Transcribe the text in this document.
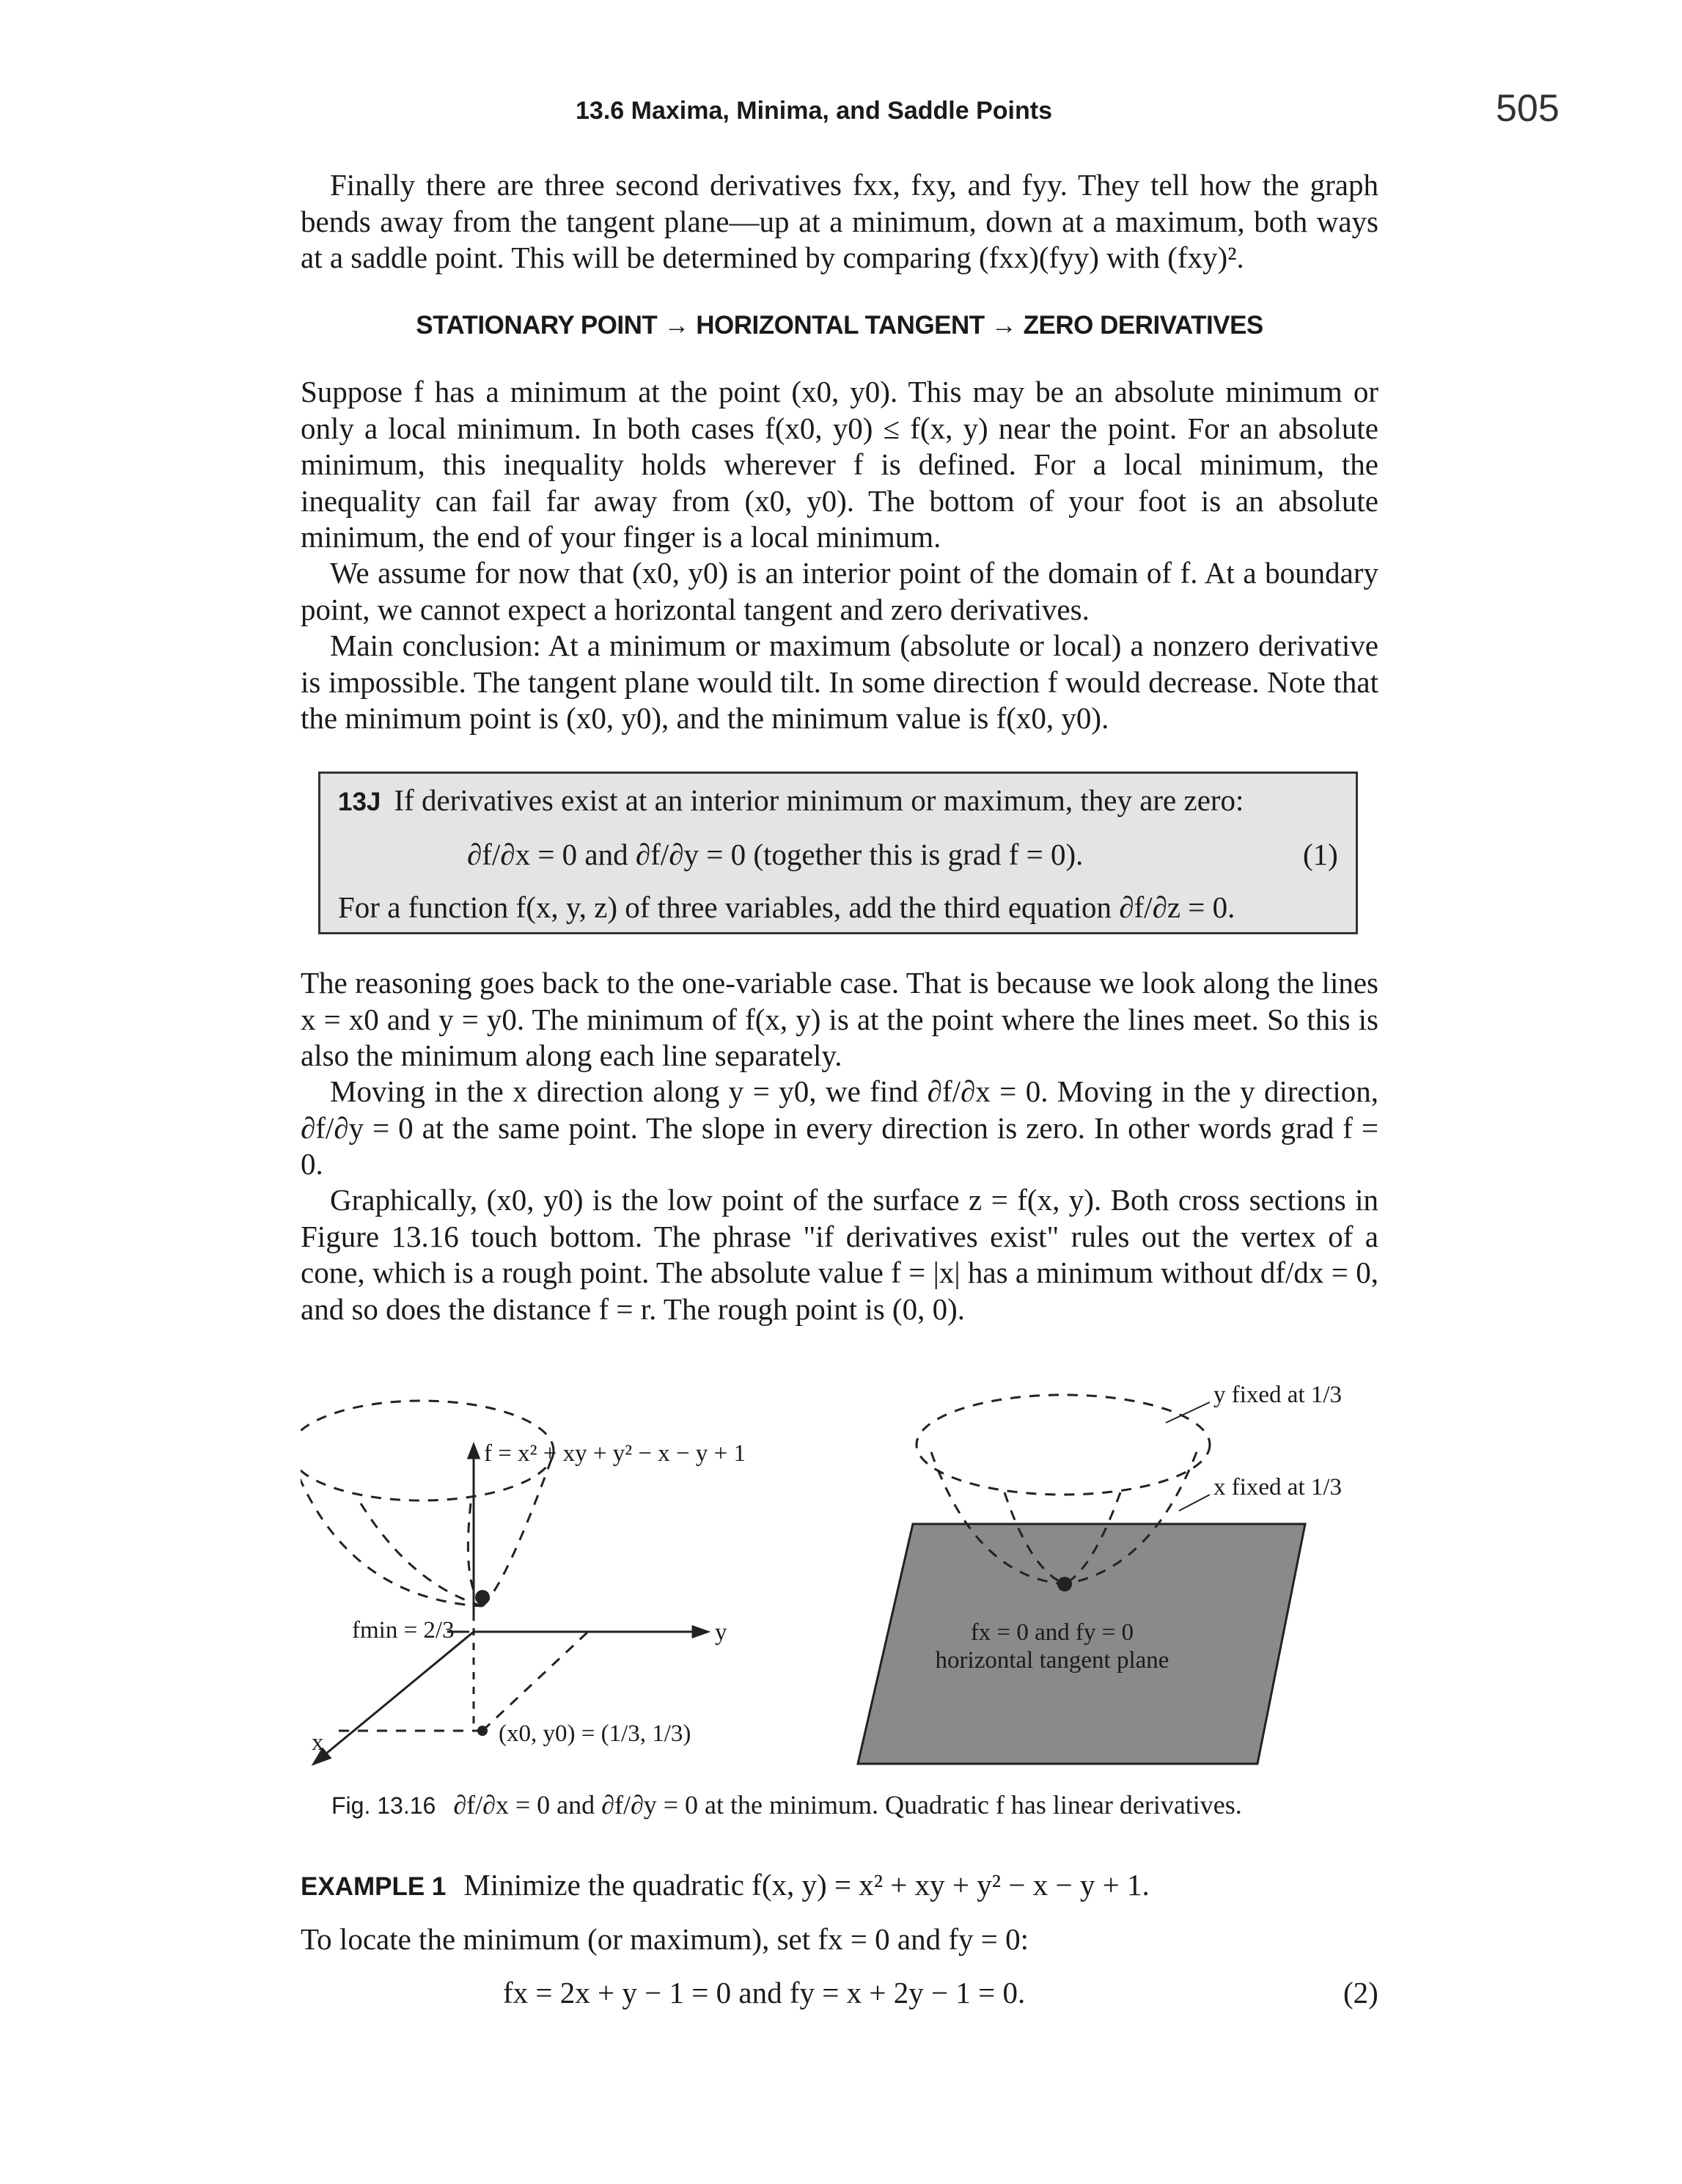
13.6 Maxima, Minima, and Saddle Points	505
Finally there are three second derivatives fxx, fxy, and fyy. They tell how the graph bends away from the tangent plane—up at a minimum, down at a maximum, both ways at a saddle point. This will be determined by comparing (fxx)(fyy) with (fxy)².
STATIONARY POINT → HORIZONTAL TANGENT → ZERO DERIVATIVES
Suppose f has a minimum at the point (x0, y0). This may be an absolute minimum or only a local minimum. In both cases f(x0, y0) ≤ f(x, y) near the point. For an absolute minimum, this inequality holds wherever f is defined. For a local minimum, the inequality can fail far away from (x0, y0). The bottom of your foot is an absolute minimum, the end of your finger is a local minimum.
We assume for now that (x0, y0) is an interior point of the domain of f. At a boundary point, we cannot expect a horizontal tangent and zero derivatives.
Main conclusion: At a minimum or maximum (absolute or local) a nonzero derivative is impossible. The tangent plane would tilt. In some direction f would decrease. Note that the minimum point is (x0, y0), and the minimum value is f(x0, y0).
13J If derivatives exist at an interior minimum or maximum, they are zero:
∂f/∂x = 0 and ∂f/∂y = 0 (together this is grad f = 0).	(1)
For a function f(x, y, z) of three variables, add the third equation ∂f/∂z = 0.
The reasoning goes back to the one-variable case. That is because we look along the lines x = x0 and y = y0. The minimum of f(x, y) is at the point where the lines meet. So this is also the minimum along each line separately.
Moving in the x direction along y = y0, we find ∂f/∂x = 0. Moving in the y direction, ∂f/∂y = 0 at the same point. The slope in every direction is zero. In other words grad f = 0.
Graphically, (x0, y0) is the low point of the surface z = f(x, y). Both cross sections in Figure 13.16 touch bottom. The phrase "if derivatives exist" rules out the vertex of a cone, which is a rough point. The absolute value f = |x| has a minimum without df/dx = 0, and so does the distance f = r. The rough point is (0, 0).
f = x² + xy + y² − x − y + 1
fmin = 2/3	y
x	(x0, y0) = (1/3, 1/3)
y fixed at 1/3
x fixed at 1/3
fx = 0 and fy = 0
horizontal tangent plane
Fig. 13.16 ∂f/∂x = 0 and ∂f/∂y = 0 at the minimum. Quadratic f has linear derivatives.
EXAMPLE 1 Minimize the quadratic f(x, y) = x² + xy + y² − x − y + 1.
To locate the minimum (or maximum), set fx = 0 and fy = 0:
fx = 2x + y − 1 = 0 and fy = x + 2y − 1 = 0.	(2)
